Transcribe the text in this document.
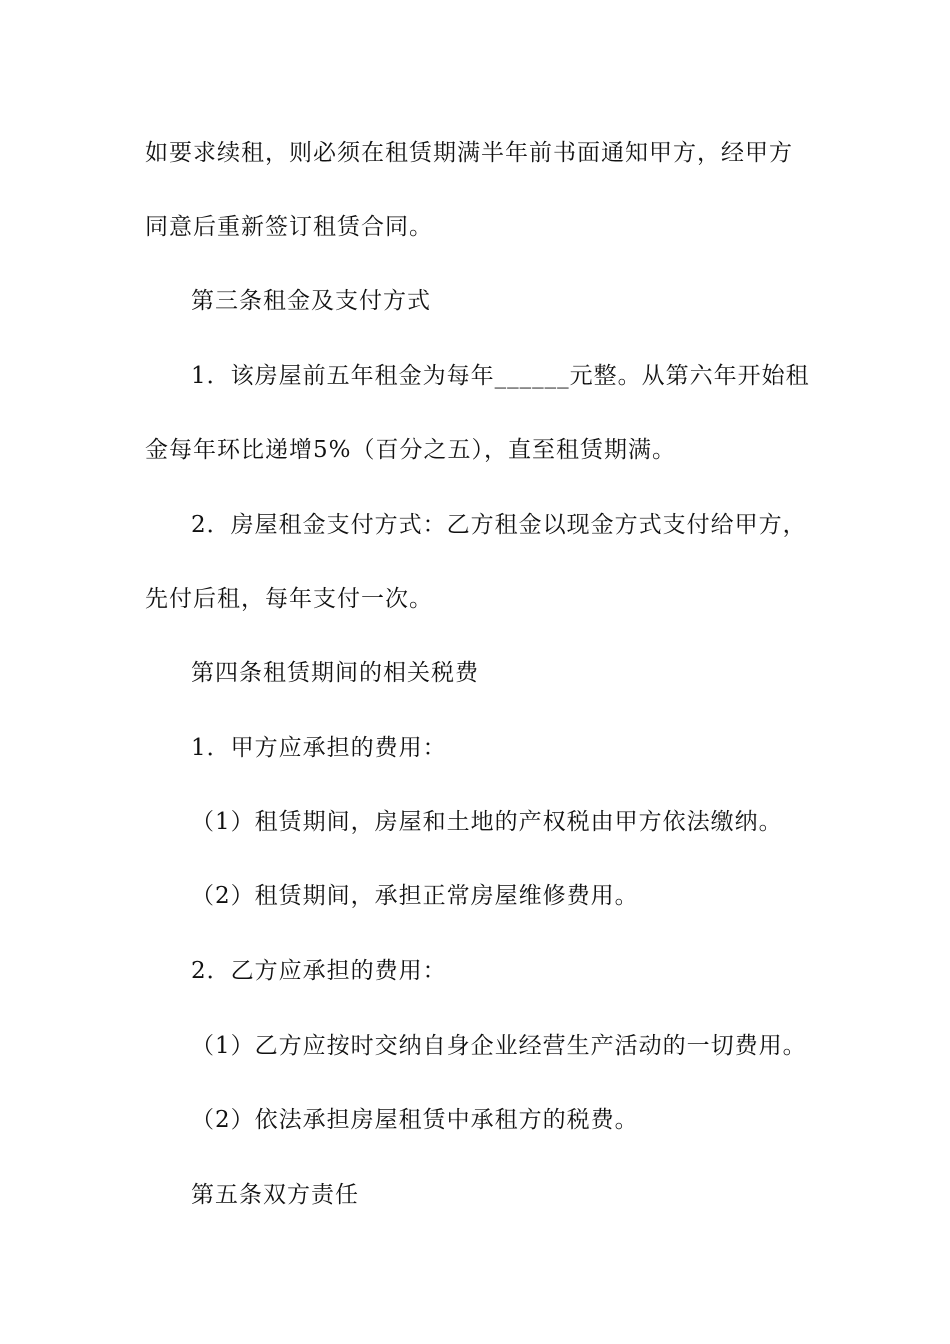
如要求续租，则必须在租赁期满半年前书面通知甲方，经甲方
同意后重新签订租赁合同。
第三条租金及支付方式
1．该房屋前五年租金为每年______元整。从第六年开始租
金每年环比递增5%（百分之五），直至租赁期满。
2．房屋租金支付方式：乙方租金以现金方式支付给甲方，
先付后租，每年支付一次。
第四条租赁期间的相关税费
1．甲方应承担的费用：
（1）租赁期间，房屋和土地的产权税由甲方依法缴纳。
（2）租赁期间，承担正常房屋维修费用。
2．乙方应承担的费用：
（1）乙方应按时交纳自身企业经营生产活动的一切费用。
（2）依法承担房屋租赁中承租方的税费。
第五条双方责任
